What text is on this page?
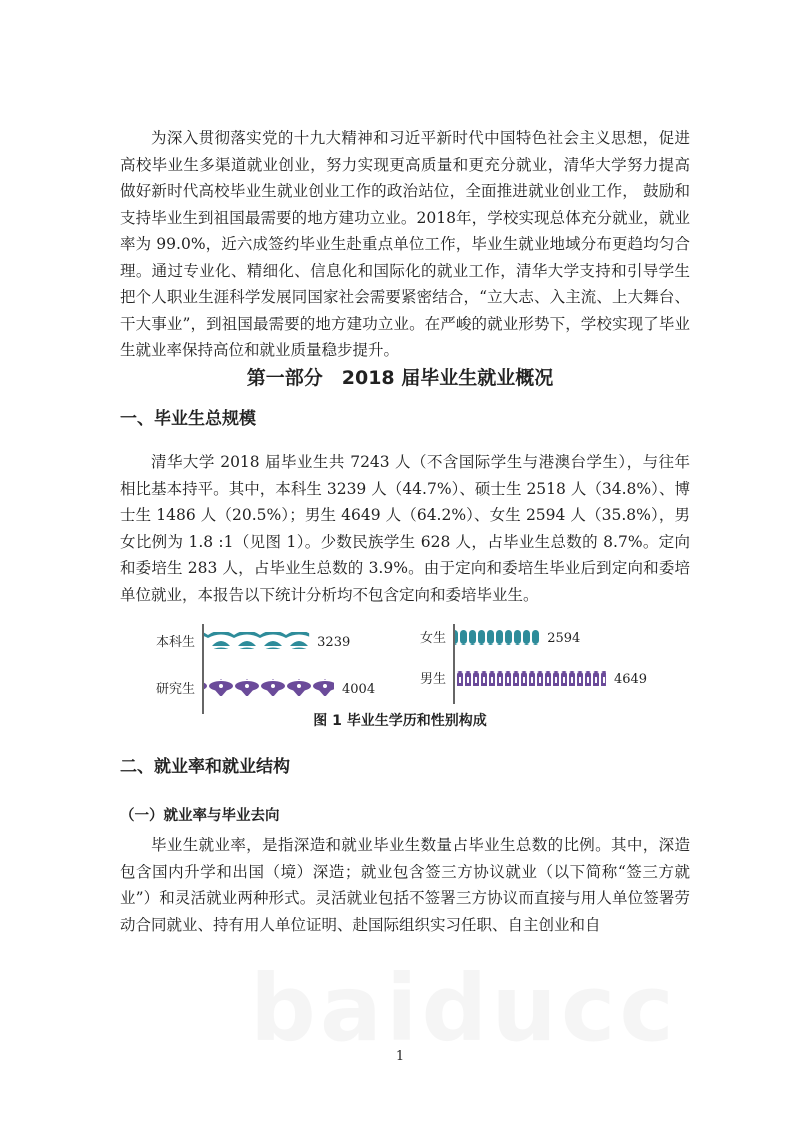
为深入贯彻落实党的十九大精神和习近平新时代中国特色社会主义思想，促进高校毕业生多渠道就业创业，努力实现更高质量和更充分就业，清华大学努力提高做好新时代高校毕业生就业创业工作的政治站位，全面推进就业创业工作， 鼓励和支持毕业生到祖国最需要的地方建功立业。2018年，学校实现总体充分就业，就业率为 99.0%，近六成签约毕业生赴重点单位工作，毕业生就业地域分布更趋均匀合理。通过专业化、精细化、信息化和国际化的就业工作，清华大学支持和引导学生把个人职业生涯科学发展同国家社会需要紧密结合，“立大志、入主流、上大舞台、干大事业”，到祖国最需要的地方建功立业。在严峻的就业形势下，学校实现了毕业生就业率保持高位和就业质量稳步提升。

第一部分　2018 届毕业生就业概况
一、毕业生总规模

清华大学 2018 届毕业生共 7243 人（不含国际学生与港澳台学生），与往年相比基本持平。其中，本科生 3239 人（44.7%）、硕士生 2518 人（34.8%）、博士生 1486 人（20.5%）；男生 4649 人（64.2%）、女生 2594 人（35.8%），男女比例为 1.8 :1（见图 1）。少数民族学生 628 人，占毕业生总数的 8.7%。定向和委培生 283 人，占毕业生总数的 3.9%。由于定向和委培生毕业后到定向和委培单位就业，本报告以下统计分析均不包含定向和委培毕业生。

本科生	3239
研究生	4004
女生	2594
男生	4649

图 1 毕业生学历和性别构成

二、就业率和就业结构
（一）就业率与毕业去向

毕业生就业率，是指深造和就业毕业生数量占毕业生总数的比例。其中，深造包含国内升学和出国（境）深造；就业包含签三方协议就业（以下简称“签三方就业”）和灵活就业两种形式。灵活就业包括不签署三方协议而直接与用人单位签署劳动合同就业、持有用人单位证明、赴国际组织实习任职、自主创业和自

1
